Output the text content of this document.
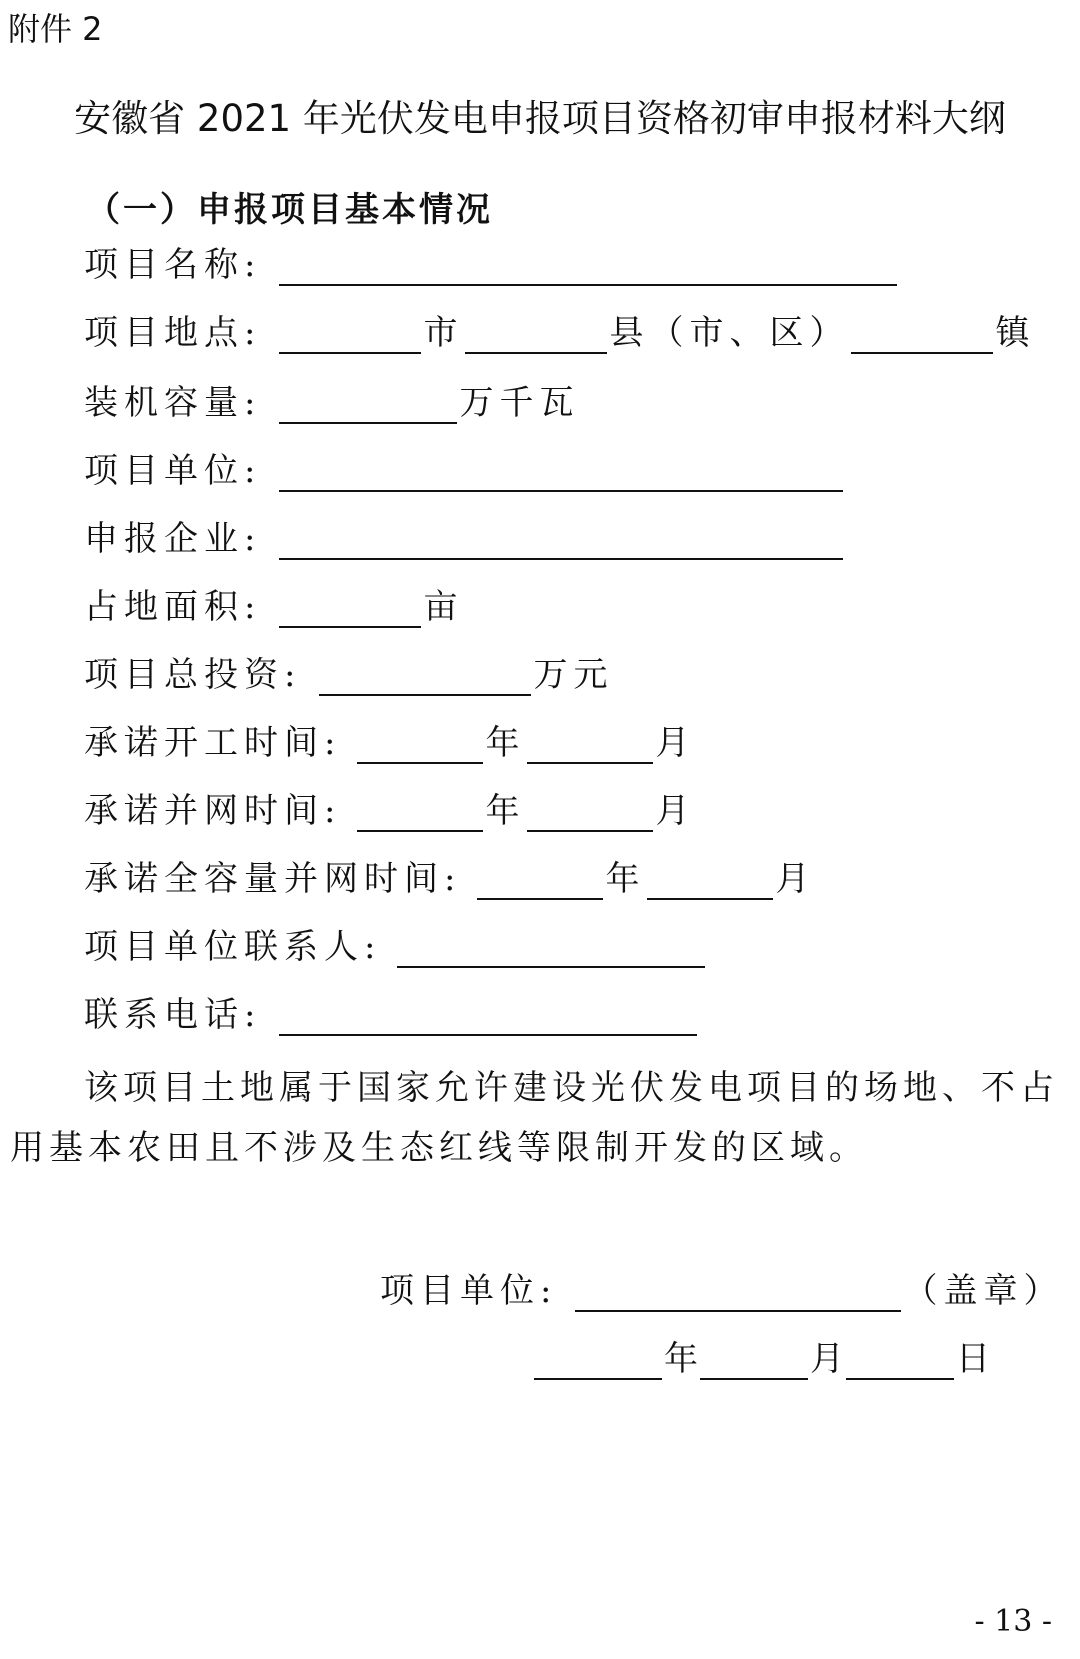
附件 2
安徽省 2021 年光伏发电申报项目资格初审申报材料大纲
（一）申报项目基本情况
项目名称:
项目地点:	市	县（市、区）	镇
装机容量:	万千瓦
项目单位:
申报企业:
占地面积:	亩
项目总投资:	万元
承诺开工时间:	年	月
承诺并网时间:	年	月
承诺全容量并网时间:	年	月
项目单位联系人:
联系电话:
该项目土地属于国家允许建设光伏发电项目的场地、不占用基本农田且不涉及生态红线等限制开发的区域。
项目单位:	（盖章）
年	月	日
- 13 -
